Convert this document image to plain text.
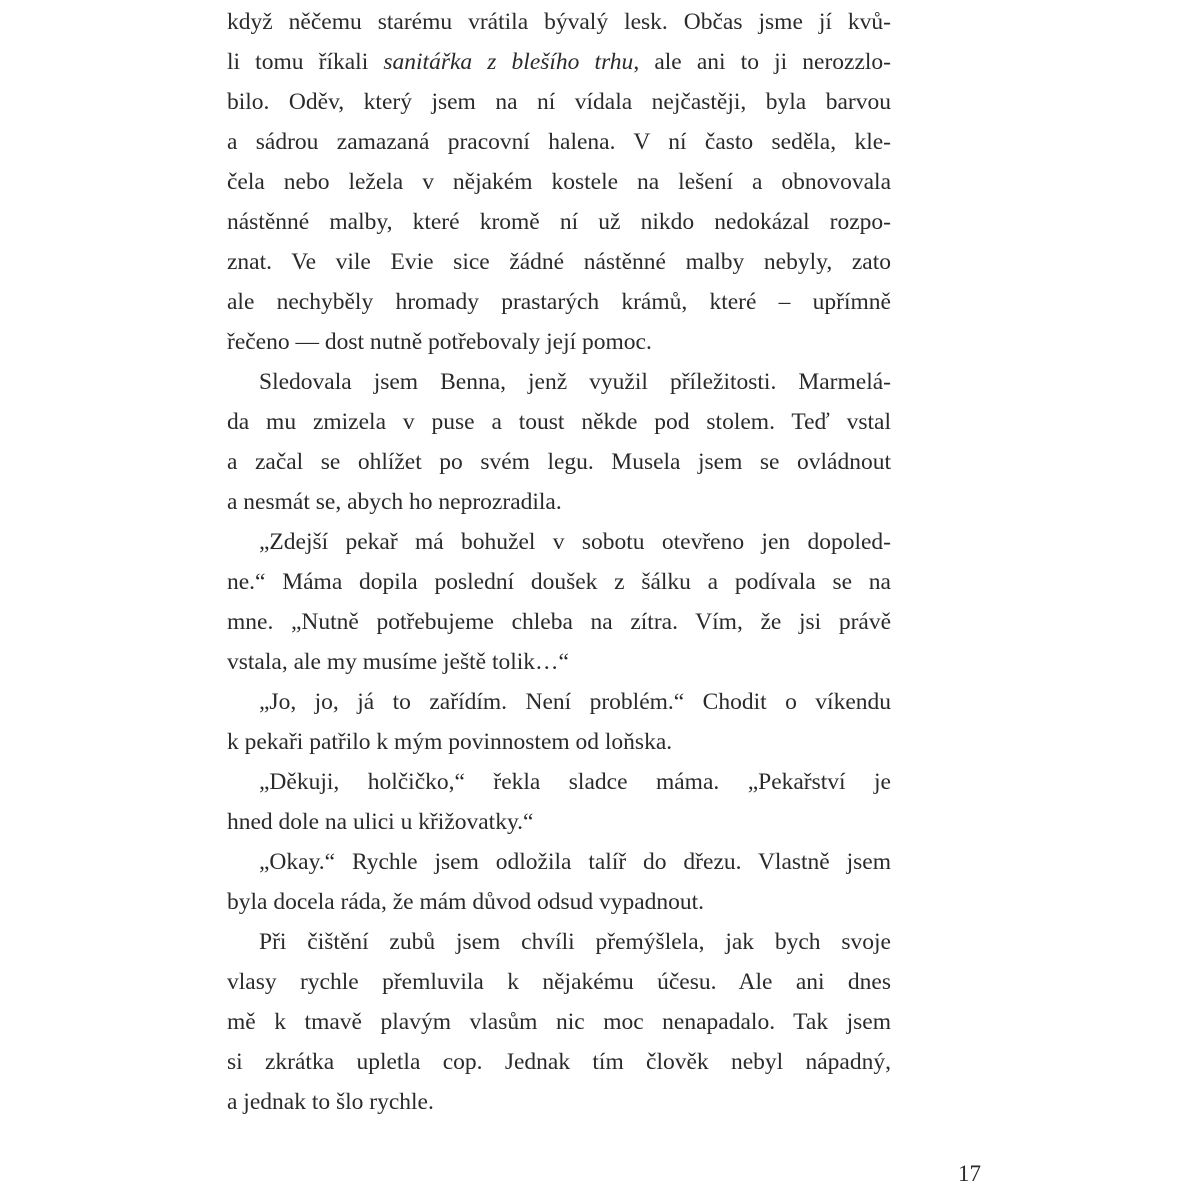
když něčemu starému vrátila bývalý lesk. Občas jsme jí kvů-
li tomu říkali sanitářka z blešího trhu, ale ani to ji nerozzlo-
bilo. Oděv, který jsem na ní vídala nejčastěji, byla barvou
a sádrou zamazaná pracovní halena. V ní často seděla, kle-
čela nebo ležela v nějakém kostele na lešení a obnovovala
nástěnné malby, které kromě ní už nikdo nedokázal rozpo-
znat. Ve vile Evie sice žádné nástěnné malby nebyly, zato
ale nechyběly hromady prastarých krámů, které – upřímně
řečeno — dost nutně potřebovaly její pomoc.
Sledovala jsem Benna, jenž využil příležitosti. Marmelá-
da mu zmizela v puse a toust někde pod stolem. Teď vstal
a začal se ohlížet po svém legu. Musela jsem se ovládnout
a nesmát se, abych ho neprozradila.
„Zdejší pekař má bohužel v sobotu otevřeno jen dopoled-
ne.“ Máma dopila poslední doušek z šálku a podívala se na
mne. „Nutně potřebujeme chleba na zítra. Vím, že jsi právě
vstala, ale my musíme ještě tolik…“
„Jo, jo, já to zařídím. Není problém.“ Chodit o víkendu
k pekaři patřilo k mým povinnostem od loňska.
„Děkuji, holčičko,“ řekla sladce máma. „Pekařství je
hned dole na ulici u křižovatky.“
„Okay.“ Rychle jsem odložila talíř do dřezu. Vlastně jsem
byla docela ráda, že mám důvod odsud vypadnout.
Při čištění zubů jsem chvíli přemýšlela, jak bych svoje
vlasy rychle přemluvila k nějakému účesu. Ale ani dnes
mě k tmavě plavým vlasům nic moc nenapadalo. Tak jsem
si zkrátka upletla cop. Jednak tím člověk nebyl nápadný,
a jednak to šlo rychle.
17
